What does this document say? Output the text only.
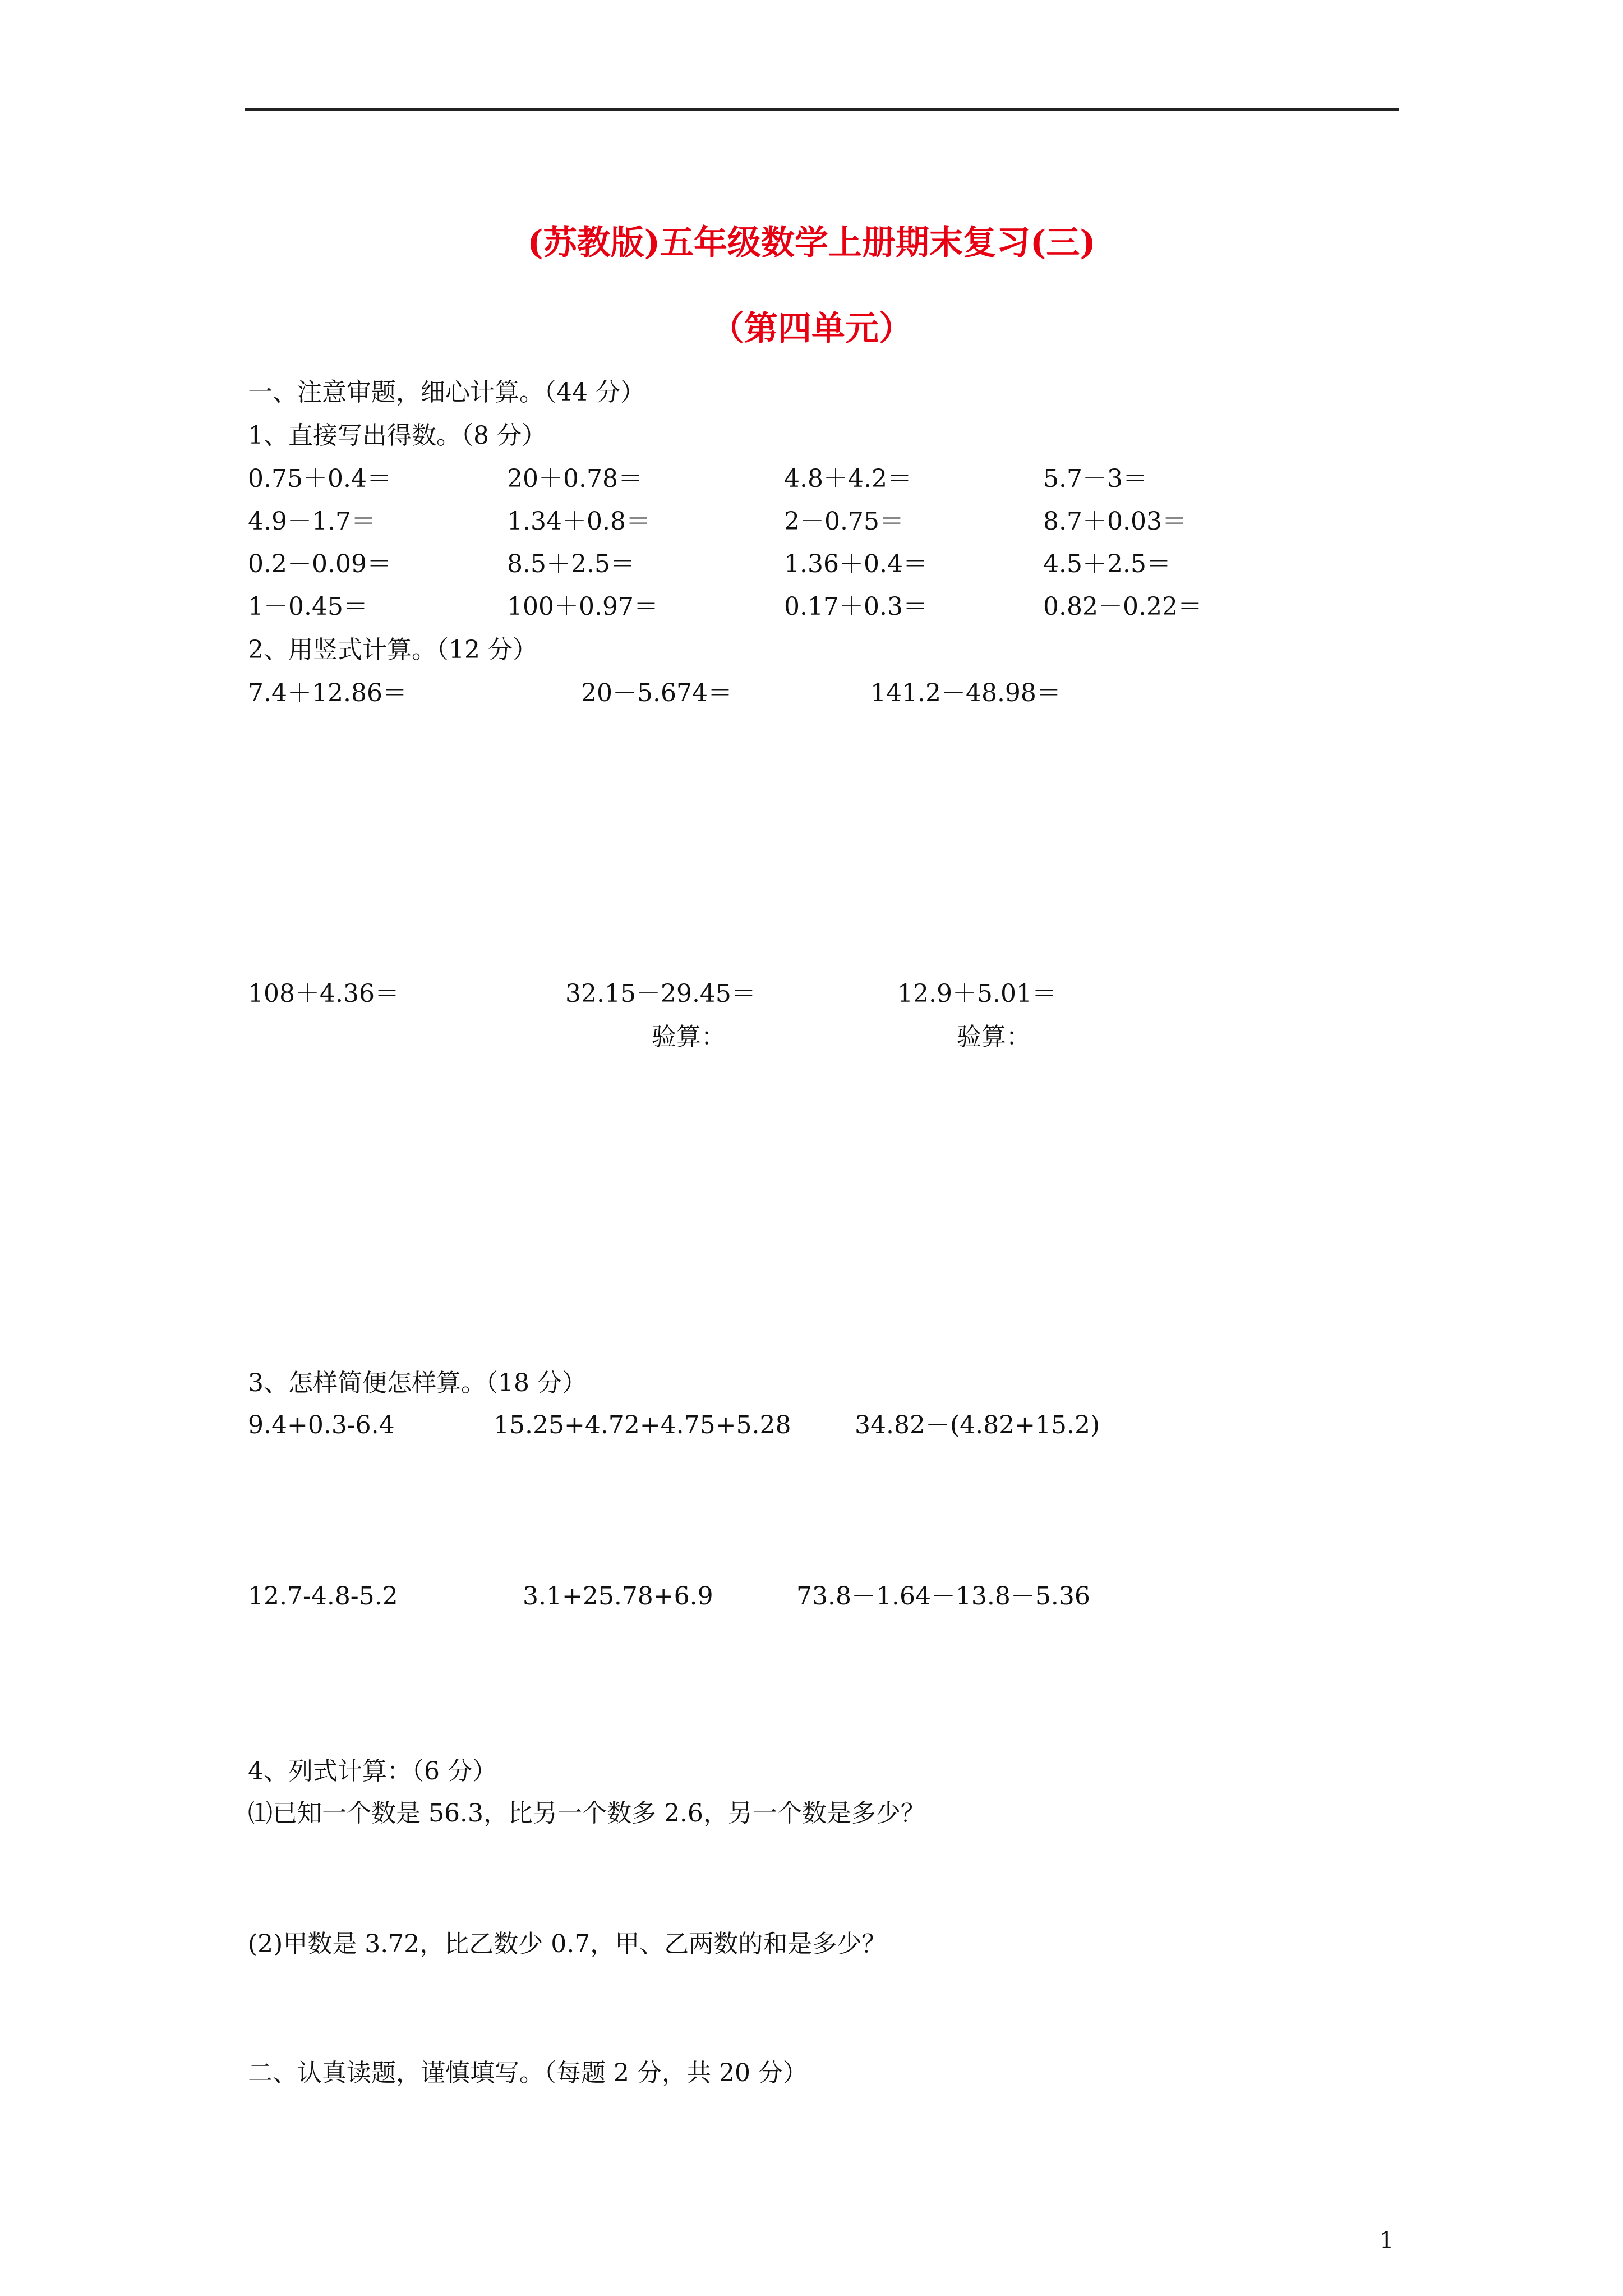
(苏教版)五年级数学上册期末复习(三)
（第四单元）
一、注意审题，细心计算。（44 分）
1、直接写出得数。（8 分）
0.75＋0.4＝	20＋0.78＝	4.8＋4.2＝	5.7－3＝
4.9－1.7＝	1.34＋0.8＝	2－0.75＝	8.7＋0.03＝
0.2－0.09＝	8.5＋2.5＝	1.36＋0.4＝	4.5＋2.5＝
1－0.45＝	100＋0.97＝	0.17＋0.3＝	0.82－0.22＝
2、用竖式计算。（12 分）
7.4＋12.86＝	20－5.674＝	141.2－48.98＝
108＋4.36＝	32.15－29.45＝	12.9＋5.01＝
验算：	验算：
3、怎样简便怎样算。（18 分）
9.4+0.3-6.4	15.25+4.72+4.75+5.28	34.82－(4.82+15.2)
12.7-4.8-5.2	3.1+25.78+6.9	73.8－1.64－13.8－5.36
4、列式计算：（6 分）
⑴已知一个数是 56.3，比另一个数多 2.6，另一个数是多少？
(2)甲数是 3.72，比乙数少 0.7，甲、乙两数的和是多少？
二、认真读题，谨慎填写。（每题 2 分，共 20 分）
1
